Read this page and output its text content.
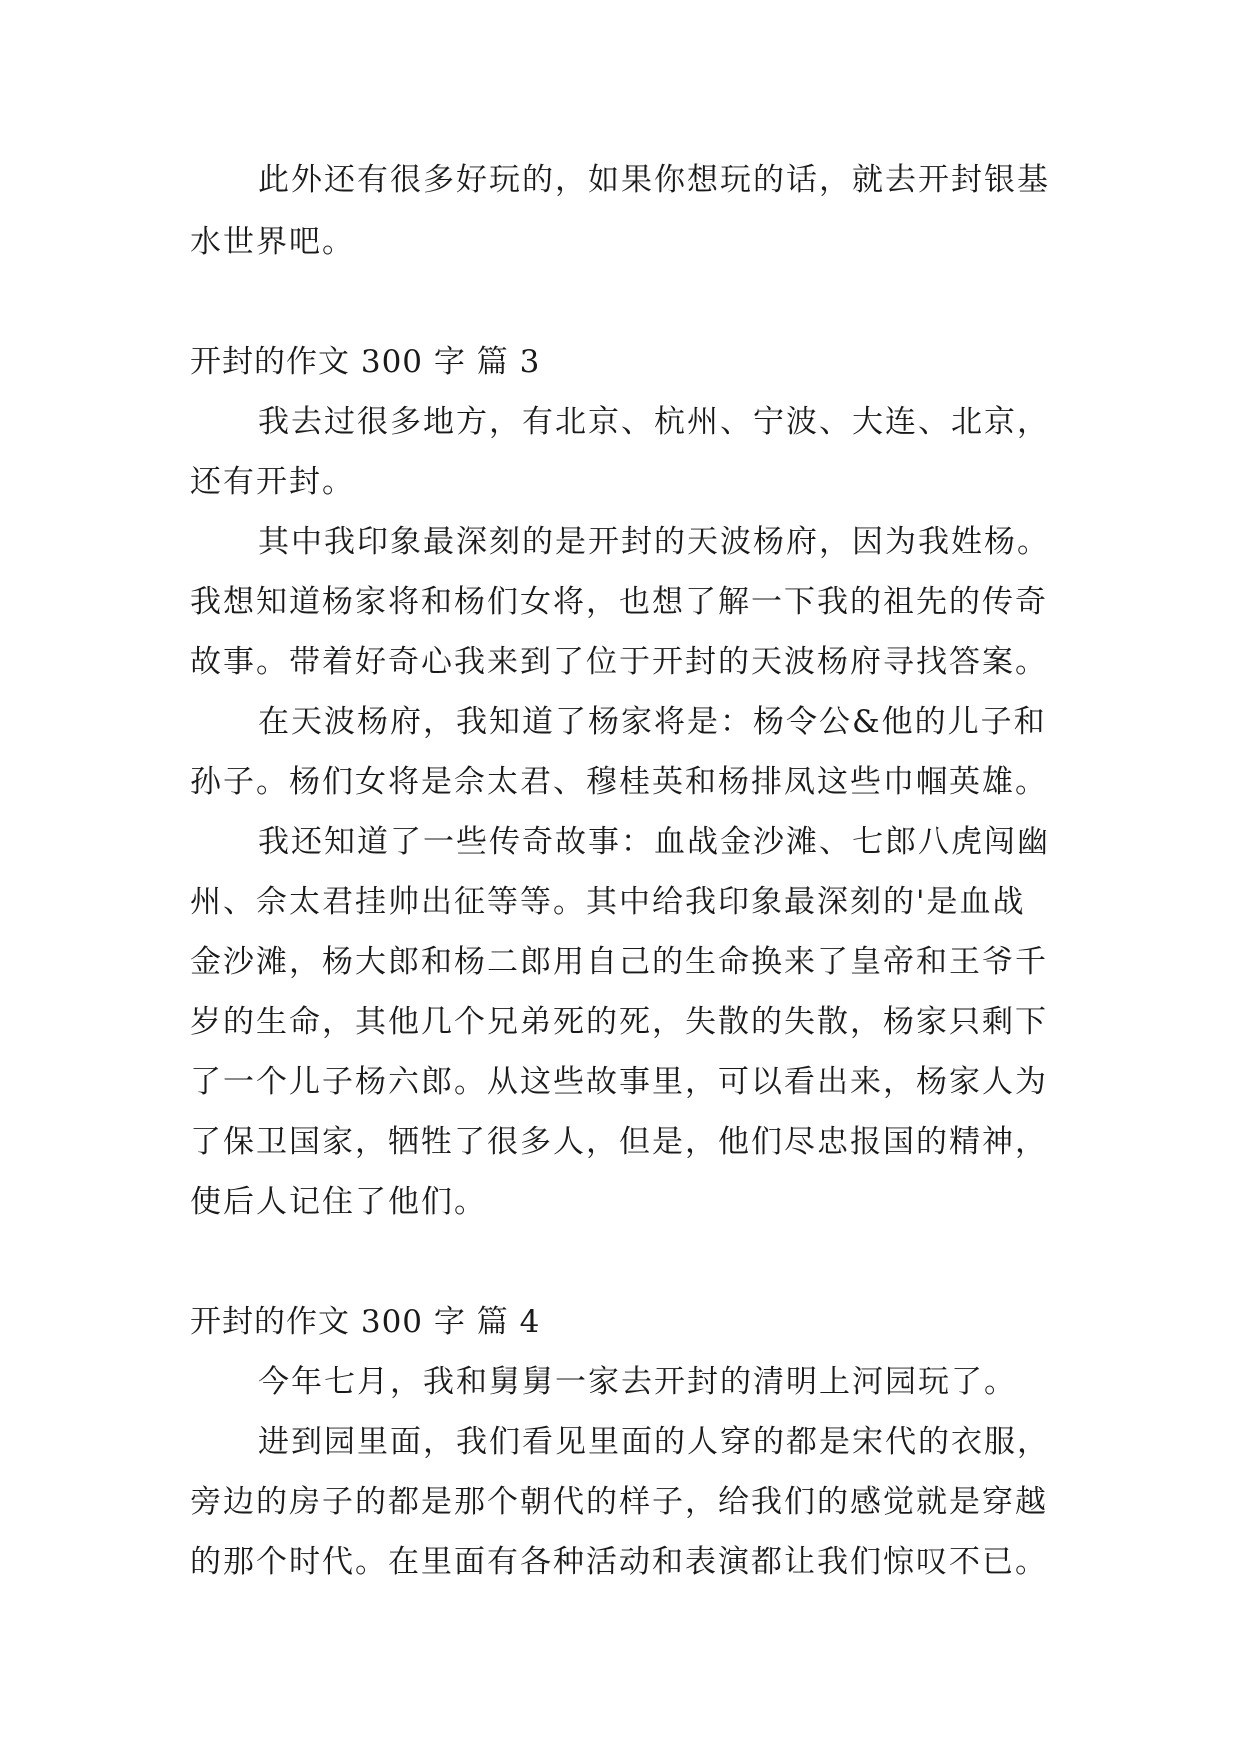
此外还有很多好玩的，如果你想玩的话，就去开封银基
水世界吧。
开封的作文 300 字 篇 3
我去过很多地方，有北京、杭州、宁波、大连、北京，
还有开封。
其中我印象最深刻的是开封的天波杨府，因为我姓杨。
我想知道杨家将和杨们女将，也想了解一下我的祖先的传奇
故事。带着好奇心我来到了位于开封的天波杨府寻找答案。
在天波杨府，我知道了杨家将是：杨令公&他的儿子和
孙子。杨们女将是佘太君、穆桂英和杨排凤这些巾帼英雄。
我还知道了一些传奇故事：血战金沙滩、七郎八虎闯幽
州、佘太君挂帅出征等等。其中给我印象最深刻的'是血战
金沙滩，杨大郎和杨二郎用自己的生命换来了皇帝和王爷千
岁的生命，其他几个兄弟死的死，失散的失散，杨家只剩下
了一个儿子杨六郎。从这些故事里，可以看出来，杨家人为
了保卫国家，牺牲了很多人，但是，他们尽忠报国的精神，
使后人记住了他们。
开封的作文 300 字 篇 4
今年七月，我和舅舅一家去开封的清明上河园玩了。
进到园里面，我们看见里面的人穿的都是宋代的衣服，
旁边的房子的都是那个朝代的样子，给我们的感觉就是穿越
的那个时代。在里面有各种活动和表演都让我们惊叹不已。
